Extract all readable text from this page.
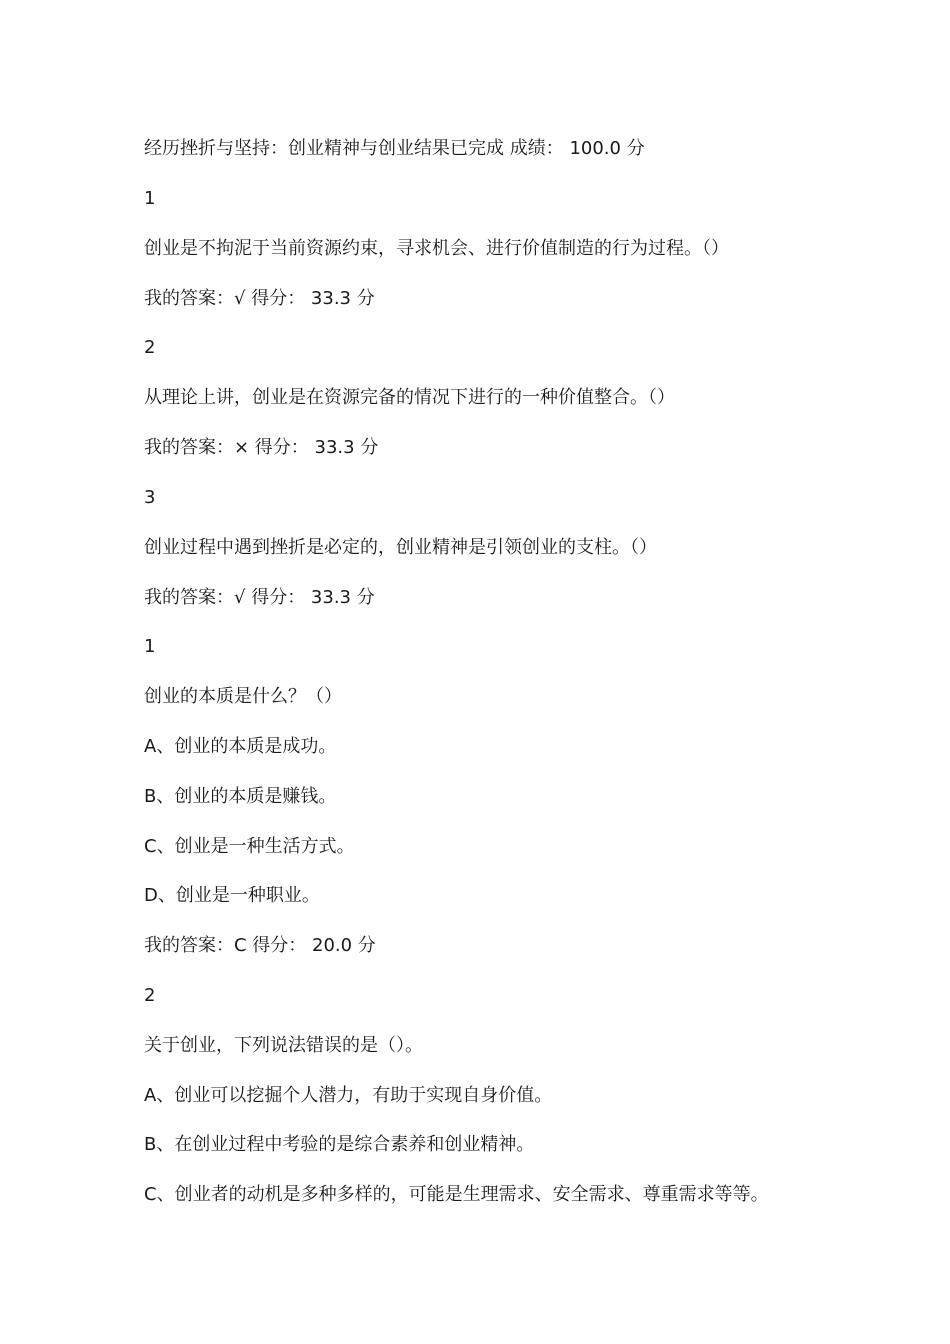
经历挫折与坚持：创业精神与创业结果已完成 成绩： 100.0 分
1
创业是不拘泥于当前资源约束，寻求机会、进行价值制造的行为过程。（）
我的答案：√ 得分： 33.3 分
2
从理论上讲，创业是在资源完备的情况下进行的一种价值整合。（）
我的答案：× 得分： 33.3 分
3
创业过程中遇到挫折是必定的，创业精神是引领创业的支柱。（）
我的答案：√ 得分： 33.3 分
1
创业的本质是什么？（）
A、创业的本质是成功。
B、创业的本质是赚钱。
C、创业是一种生活方式。
D、创业是一种职业。
我的答案：C 得分： 20.0 分
2
关于创业，下列说法错误的是（）。
A、创业可以挖掘个人潜力，有助于实现自身价值。
B、在创业过程中考验的是综合素养和创业精神。
C、创业者的动机是多种多样的，可能是生理需求、安全需求、尊重需求等等。
